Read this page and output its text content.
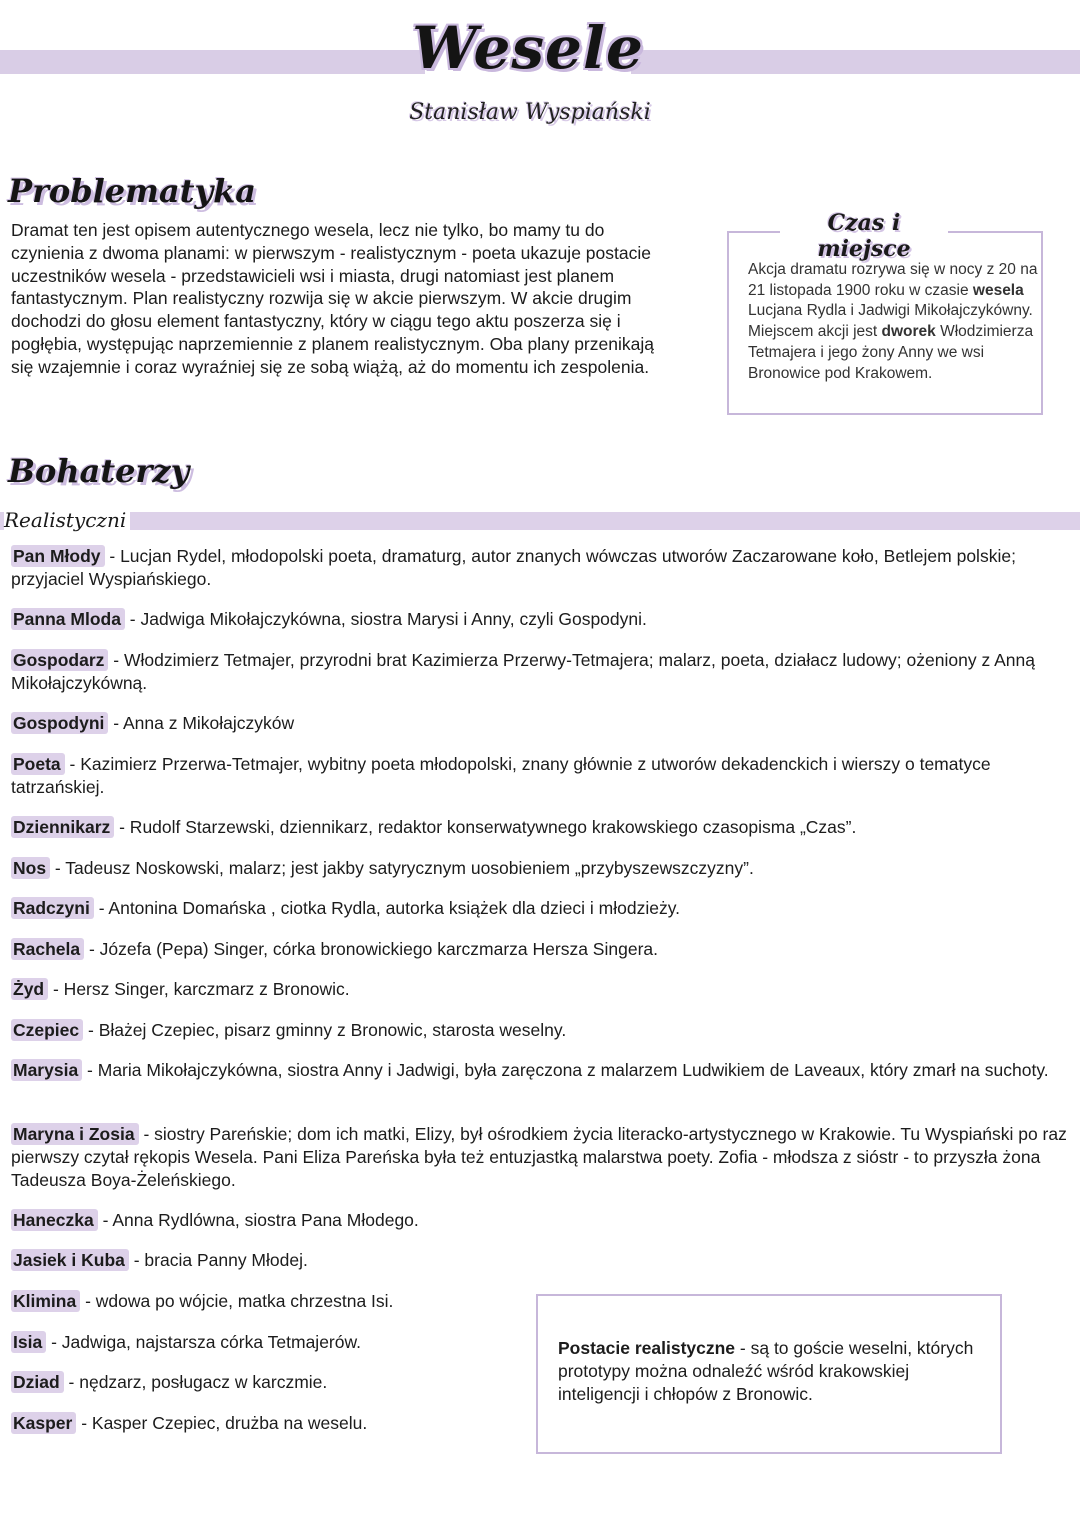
Wesele
Stanisław Wyspiański
Problematyka

Dramat ten jest opisem autentycznego wesela, lecz nie tylko, bo mamy tu do czynienia z dwoma planami: w pierwszym - realistycznym - poeta ukazuje postacie uczestników wesela - przedstawicieli wsi i miasta, drugi natomiast jest planem fantastycznym. Plan realistyczny rozwija się w akcie pierwszym. W akcie drugim dochodzi do głosu element fantastyczny, który w ciągu tego aktu poszerza się i pogłębia, występując naprzemiennie z planem realistycznym. Oba plany przenikają się wzajemnie i coraz wyraźniej się ze sobą wiążą, aż do momentu ich zespolenia.

Czas i miejsce

Akcja dramatu rozrywa się w nocy z 20 na 21 listopada 1900 roku w czasie wesela Lucjana Rydla i Jadwigi Mikołajczykówny. Miejscem akcji jest dworek Włodzimierza Tetmajera i jego żony Anny we wsi Bronowice pod Krakowem.

Bohaterzy
Realistyczni

Pan Młody - Lucjan Rydel, młodopolski poeta, dramaturg, autor znanych wówczas utworów Zaczarowane koło, Betlejem polskie; przyjaciel Wyspiańskiego.

Panna Mloda - Jadwiga Mikołajczykówna, siostra Marysi i Anny, czyli Gospodyni.

Gospodarz - Włodzimierz Tetmajer, przyrodni brat Kazimierza Przerwy-Tetmajera; malarz, poeta, działacz ludowy; ożeniony z Anną Mikołajczykówną.

Gospodyni - Anna z Mikołajczyków

Poeta - Kazimierz Przerwa-Tetmajer, wybitny poeta młodopolski, znany głównie z utworów dekadenckich i wierszy o tematyce tatrzańskiej.

Dziennikarz - Rudolf Starzewski, dziennikarz, redaktor konserwatywnego krakowskiego czasopisma „Czas”.

Nos - Tadeusz Noskowski, malarz; jest jakby satyrycznym uosobieniem „przybyszewszczyzny”.

Radczyni - Antonina Domańska , ciotka Rydla, autorka książek dla dzieci i młodzieży.

Rachela - Józefa (Pepa) Singer, córka bronowickiego karczmarza Hersza Singera.

Żyd - Hersz Singer, karczmarz z Bronowic.

Czepiec - Błażej Czepiec, pisarz gminny z Bronowic, starosta weselny.

Marysia - Maria Mikołajczykówna, siostra Anny i Jadwigi, była zaręczona z malarzem Ludwikiem de Laveaux, który zmarł na suchoty.

Maryna i Zosia - siostry Pareńskie; dom ich matki, Elizy, był ośrodkiem życia literacko-artystycznego w Krakowie. Tu Wyspiański po raz pierwszy czytał rękopis Wesela. Pani Eliza Pareńska była też entuzjastką malarstwa poety. Zofia - młodsza z sióstr - to przyszła żona Tadeusza Boya-Żeleńskiego.

Haneczka - Anna Rydlówna, siostra Pana Młodego.

Jasiek i Kuba - bracia Panny Młodej.

Klimina - wdowa po wójcie, matka chrzestna Isi.

Isia - Jadwiga, najstarsza córka Tetmajerów.

Dziad - nędzarz, posługacz w karczmie.

Kasper - Kasper Czepiec, drużba na weselu.

Postacie realistyczne - są to goście weselni, których prototypy można odnaleźć wśród krakowskiej inteligencji i chłopów z Bronowic.
